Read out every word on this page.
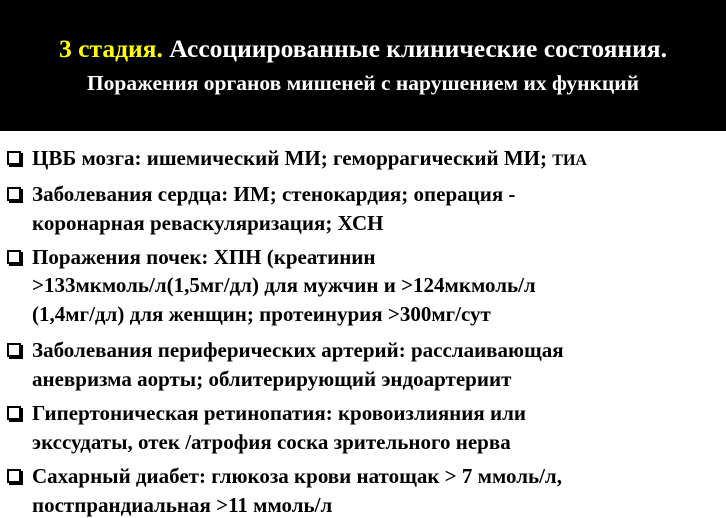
3 стадия. Ассоциированные клинические состояния.
Поражения органов мишеней с нарушением их функций
ЦВБ мозга: ишемический МИ; геморрагический МИ; ТИА
Заболевания сердца: ИМ; стенокардия; операция -
коронарная реваскуляризация; ХСН
Поражения почек: ХПН (креатинин
>133мкмоль/л(1,5мг/дл) для мужчин и >124мкмоль/л
(1,4мг/дл) для женщин; протеинурия >300мг/сут
Заболевания периферических артерий: расслаивающая
аневризма аорты; облитерирующий эндоартериит
Гипертоническая ретинопатия: кровоизлияния или
экссудаты, отек /атрофия соска зрительного нерва
Сахарный диабет: глюкоза крови натощак > 7 ммоль/л,
постпрандиальная >11 ммоль/л
